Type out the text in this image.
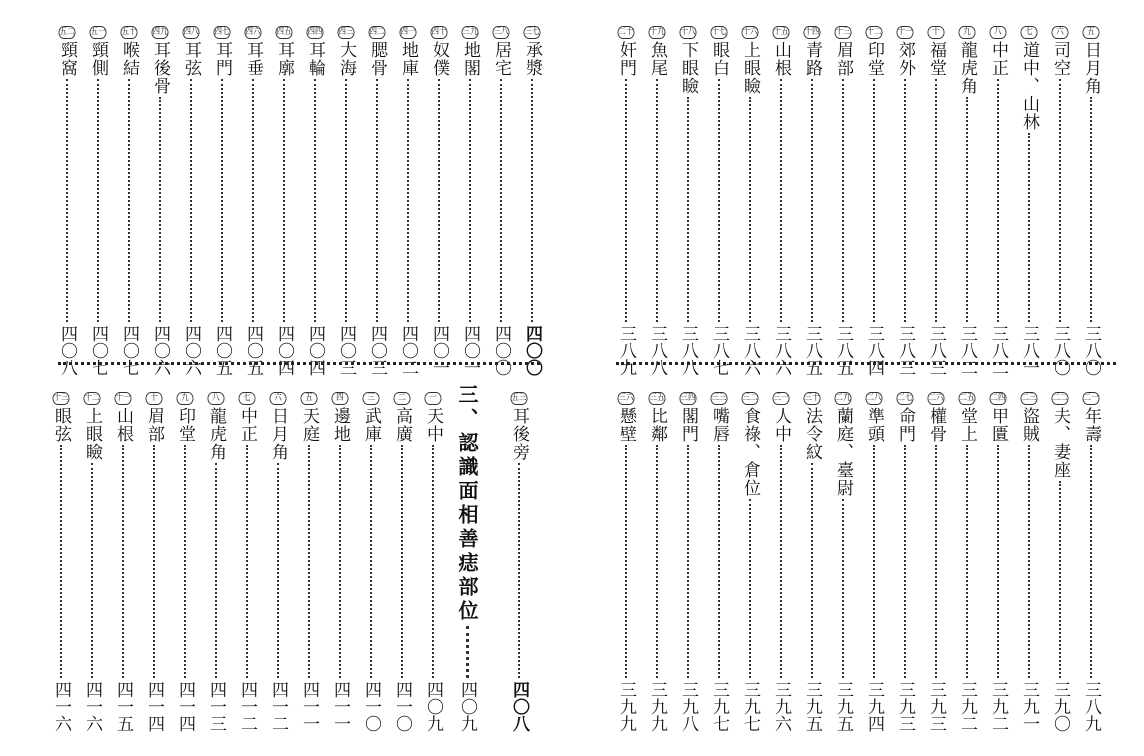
五二
頸窩
四〇八
五一
頸側
四〇七
五十
喉結
四〇七
四九
耳後骨
四〇六
四八
耳弦
四〇六
四七
耳門
四〇五
四六
耳垂
四〇五
四五
耳廓
四〇四
四四
耳輪
四〇四
四三
大海
四〇三
四二
腮骨
四〇三
四一
地庫
四〇二
四十
奴僕
四〇一
三九
地閣
四〇一
三八
居宅
四〇〇
三七
承漿
四〇〇
十三
眼弦
四一六
十二
上眼瞼
四一六
十一
山根
四一五
十
眉部
四一四
九
印堂
四一四
八
龍虎角
四一三
七
中正
四一二
六
日月角
四一二
五
天庭
四一一
四
邊地
四一一
三
武庫
四一〇
二
高廣
四一〇
一
天中
四〇九
三、認識面相善痣部位
四〇九
五三
耳後旁
四〇八
二十
奸門
三八九
十九
魚尾
三八八
十八
下眼瞼
三八八
十七
眼白
三八七
十六
上眼瞼
三八六
十五
山根
三八六
十四
青路
三八五
十三
眉部
三八五
十二
印堂
三八四
十一
郊外
三八三
十
福堂
三八三
九
龍虎角
三八二
八
中正
三八二
七
道中、山林
三八一
六
司空
三八〇
五
日月角
三八〇
三六
懸壁
三九九
三五
比鄰
三九九
三四
閣門
三九八
三三
嘴唇
三九七
三二
食祿、倉位
三九七
三一
人中
三九六
三十
法令紋
三九五
二九
蘭庭、臺尉
三九五
二八
準頭
三九四
二七
命門
三九三
二六
權骨
三九三
二五
堂上
三九二
二四
甲匱
三九二
二三
盜賊
三九一
二二
夫、妻座
三九〇
二一
年壽
三八九
